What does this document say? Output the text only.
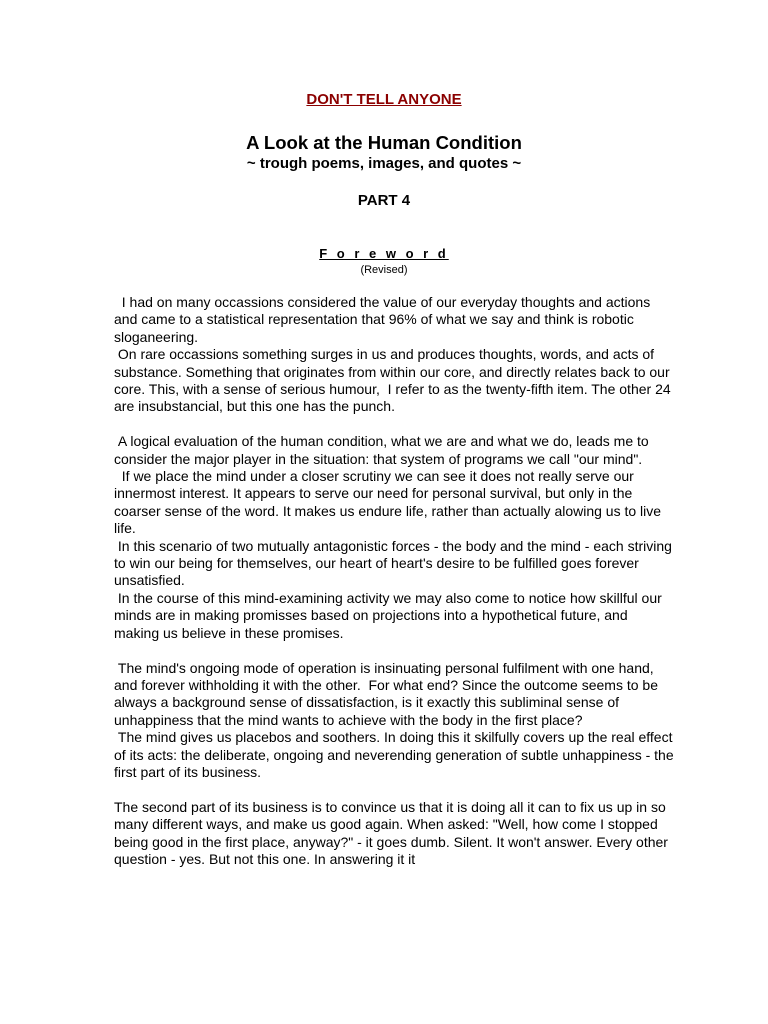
DON'T TELL ANYONE
A Look at the Human Condition
~ trough poems, images, and quotes ~
PART 4
F o r e w o r d
(Revised)

I had on many occassions considered the value of our everyday thoughts and actions and came to a statistical representation that 96% of what we say and think is robotic sloganeering.

On rare occassions something surges in us and produces thoughts, words, and acts of substance. Something that originates from within our core, and directly relates back to our core. This, with a sense of serious humour,  I refer to as the twenty-fifth item. The other 24 are insubstancial, but this one has the punch.

A logical evaluation of the human condition, what we are and what we do, leads me to consider the major player in the situation: that system of programs we call "our mind".

If we place the mind under a closer scrutiny we can see it does not really serve our innermost interest. It appears to serve our need for personal survival, but only in the coarser sense of the word. It makes us endure life, rather than actually alowing us to live life.

In this scenario of two mutually antagonistic forces - the body and the mind - each striving to win our being for themselves, our heart of heart's desire to be fulfilled goes forever unsatisfied.

In the course of this mind-examining activity we may also come to notice how skillful our minds are in making promisses based on projections into a hypothetical future, and making us believe in these promises.

The mind's ongoing mode of operation is insinuating personal fulfilment with one hand, and forever withholding it with the other.  For what end? Since the outcome seems to be always a background sense of dissatisfaction, is it exactly this subliminal sense of unhappiness that the mind wants to achieve with the body in the first place?

The mind gives us placebos and soothers. In doing this it skilfully covers up the real effect of its acts: the deliberate, ongoing and neverending generation of subtle unhappiness - the first part of its business.

The second part of its business is to convince us that it is doing all it can to fix us up in so many different ways, and make us good again. When asked: "Well, how come I stopped being good in the first place, anyway?" - it goes dumb. Silent. It won't answer. Every other question - yes. But not this one. In answering it it
